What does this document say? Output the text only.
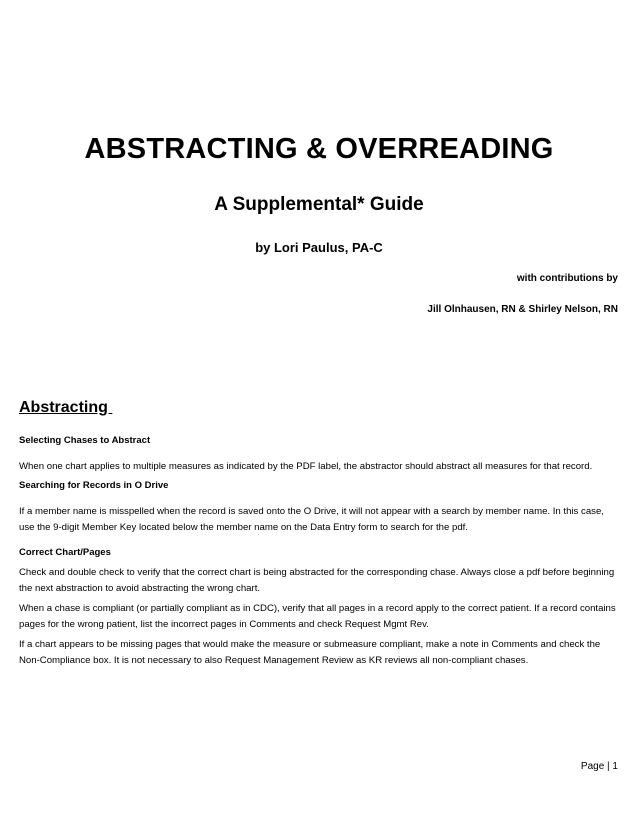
ABSTRACTING & OVERREADING
A Supplemental* Guide
by Lori Paulus, PA-C
with contributions by
Jill Olnhausen, RN & Shirley Nelson, RN
Abstracting
Selecting Chases to Abstract

When one chart applies to multiple measures as indicated by the PDF label, the abstractor should abstract all measures for that record.

Searching for Records in O Drive

If a member name is misspelled when the record is saved onto the O Drive, it will not appear with a search by member name. In this case, use the 9-digit Member Key located below the member name on the Data Entry form to search for the pdf.

Correct Chart/Pages

Check and double check to verify that the correct chart is being abstracted for the corresponding chase. Always close a pdf before beginning the next abstraction to avoid abstracting the wrong chart.

When a chase is compliant (or partially compliant as in CDC), verify that all pages in a record apply to the correct patient. If a record contains pages for the wrong patient, list the incorrect pages in Comments and check Request Mgmt Rev.

If a chart appears to be missing pages that would make the measure or submeasure compliant, make a note in Comments and check the Non-Compliance box. It is not necessary to also Request Management Review as KR reviews all non-compliant chases.

Page | 1
